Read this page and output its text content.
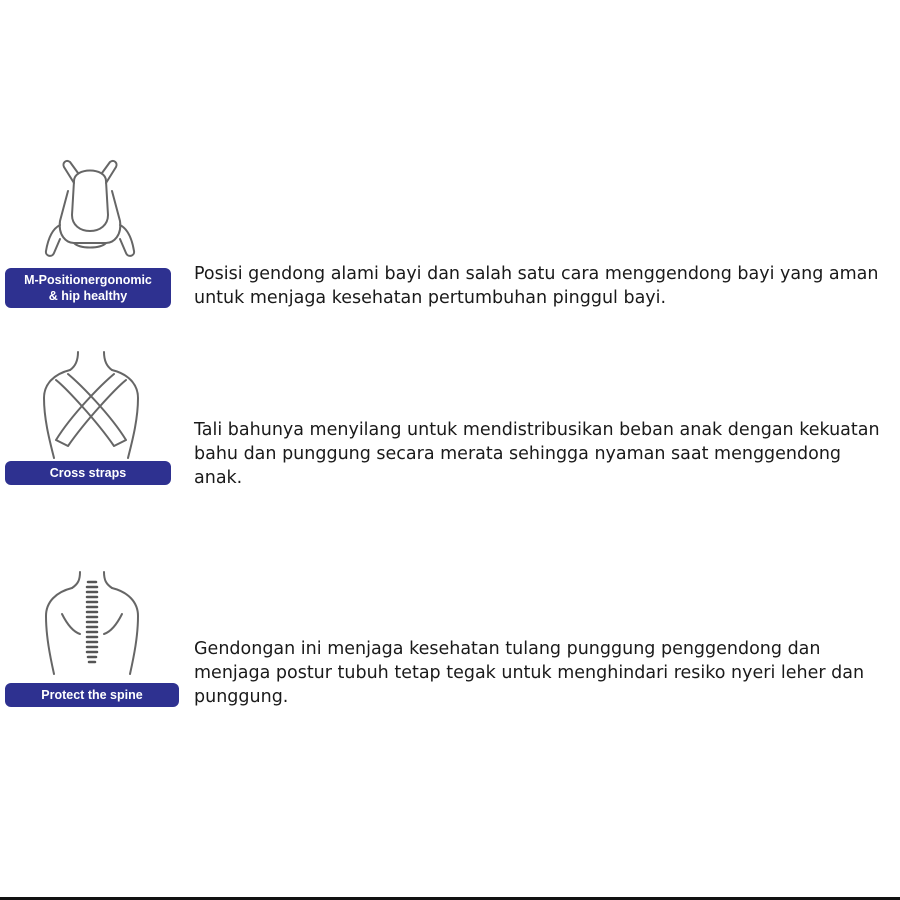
M-Positionergonomic
& hip healthy

Posisi gendong alami bayi dan salah satu cara menggendong bayi yang aman untuk menjaga kesehatan pertumbuhan pinggul bayi.

Cross straps

Tali bahunya menyilang untuk mendistribusikan beban anak dengan kekuatan bahu dan punggung secara merata sehingga nyaman saat menggendong anak.

Protect the spine

Gendongan ini menjaga kesehatan tulang punggung penggendong dan menjaga postur tubuh tetap tegak untuk menghindari resiko nyeri leher dan punggung.
